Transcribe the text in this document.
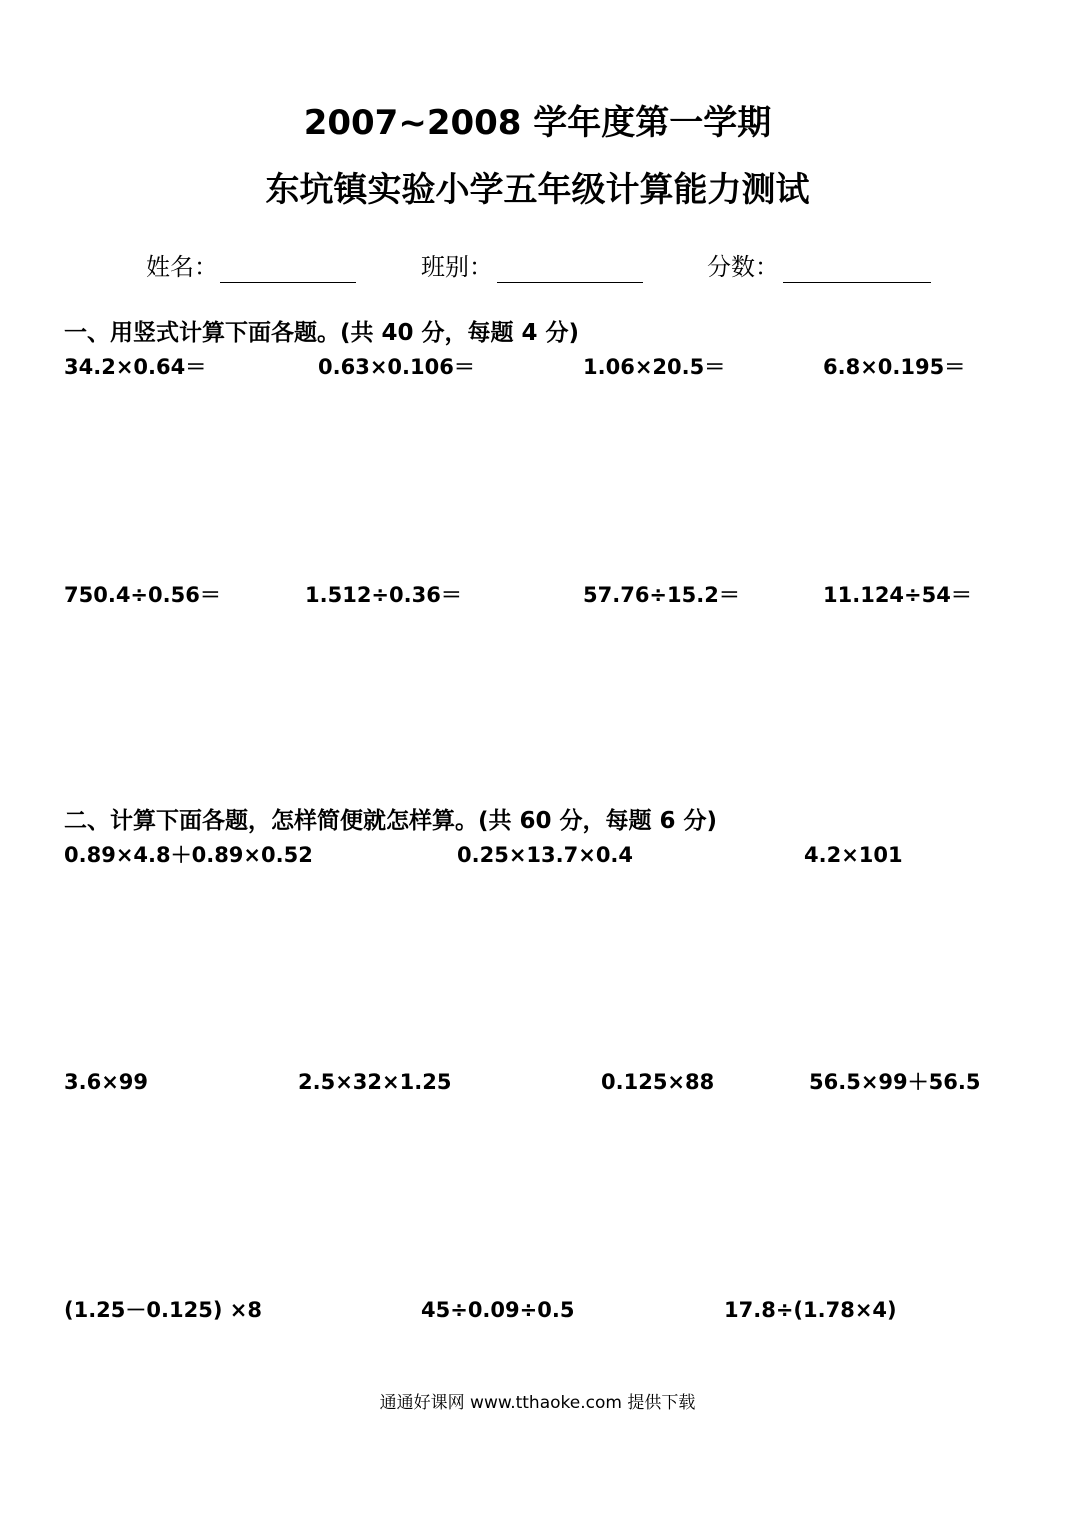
2007~2008 学年度第一学期
东坑镇实验小学五年级计算能力测试
姓名：	班别：	分数：
一、用竖式计算下面各题。(共 40 分，每题 4 分)
34.2×0.64＝	0.63×0.106＝	1.06×20.5＝	6.8×0.195＝
750.4÷0.56＝	1.512÷0.36＝	57.76÷15.2＝	11.124÷54＝
二、计算下面各题，怎样简便就怎样算。(共 60 分，每题 6 分)
0.89×4.8＋0.89×0.52	0.25×13.7×0.4	4.2×101
3.6×99	2.5×32×1.25	0.125×88	56.5×99＋56.5
(1.25－0.125) ×8	45÷0.09÷0.5	17.8÷(1.78×4)
通通好课网 www.tthaoke.com 提供下载
